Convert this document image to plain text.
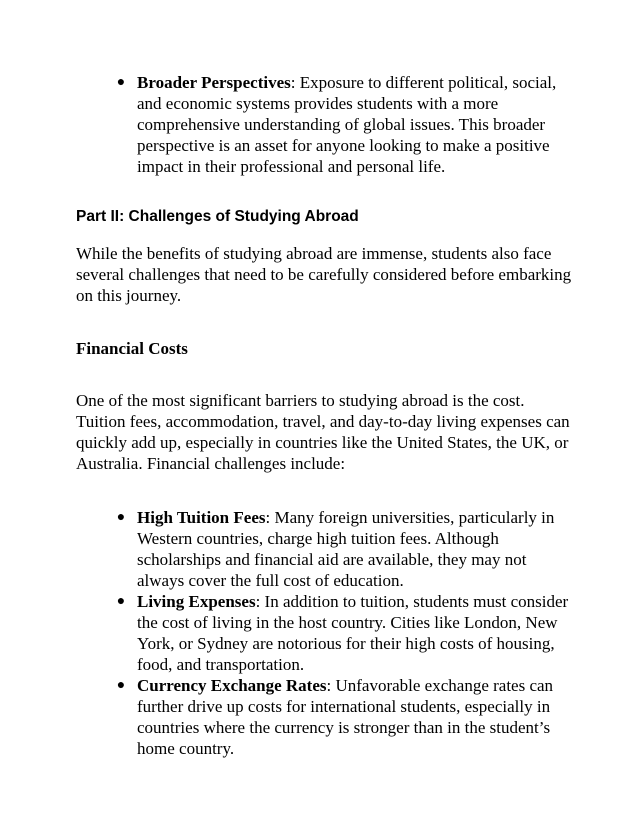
● Broader Perspectives: Exposure to different political, social, and economic systems provides students with a more comprehensive understanding of global issues. This broader perspective is an asset for anyone looking to make a positive impact in their professional and personal life.
Part II: Challenges of Studying Abroad

While the benefits of studying abroad are immense, students also face several challenges that need to be carefully considered before embarking on this journey.

Financial Costs

One of the most significant barriers to studying abroad is the cost. Tuition fees, accommodation, travel, and day-to-day living expenses can quickly add up, especially in countries like the United States, the UK, or Australia. Financial challenges include:

● High Tuition Fees: Many foreign universities, particularly in Western countries, charge high tuition fees. Although scholarships and financial aid are available, they may not always cover the full cost of education.
● Living Expenses: In addition to tuition, students must consider the cost of living in the host country. Cities like London, New York, or Sydney are notorious for their high costs of housing, food, and transportation.
● Currency Exchange Rates: Unfavorable exchange rates can further drive up costs for international students, especially in countries where the currency is stronger than in the student’s home country.
